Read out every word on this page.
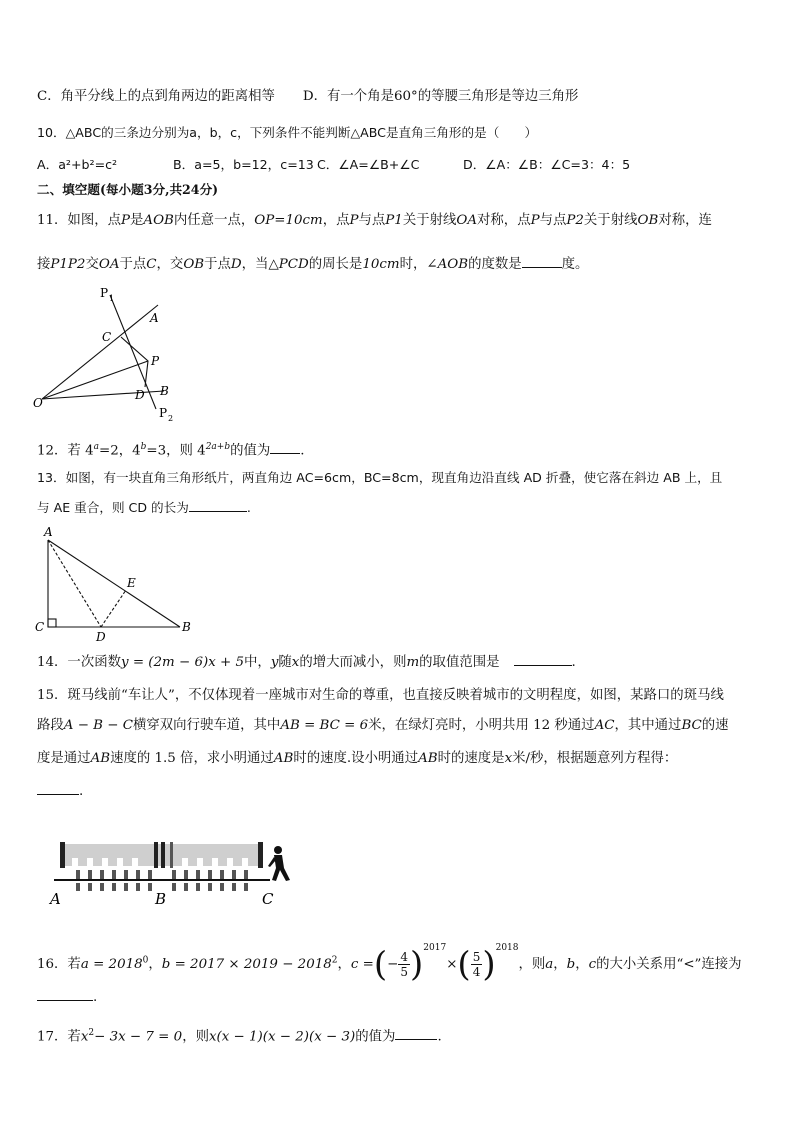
C．角平分线上的点到角两边的距离相等 D．有一个角是60°的等腰三角形是等边三角形
10．△ABC的三条边分别为a，b，c，下列条件不能判断△ABC是直角三角形的是（　　）
A．a²+b²=c²	B．a=5，b=12，c=13 C．∠A=∠B+∠C	D．∠A：∠B：∠C=3：4：5
二、填空题(每小题3分,共24分)
11．如图，点P是AOB内任意一点，OP=10cm，点P与点P1关于射线OA对称，点P与点P2关于射线OB对称，连
接P1P2交OA于点C，交OB于点D，当△PCD的周长是10cm时，∠AOB的度数是	度。
P 1
A
C
P
B
D
O
P 2
12．若 $4^a=2$，$4^b=3$，则 $4^{2a+b}$的值为 .
13．如图，有一块直角三角形纸片，两直角边 AC=6cm，BC=8cm，现直角边沿直线 AD 折叠，使它落在斜边 AB 上，且
与 AE 重合，则 CD 的长为	.
A
C
D
B
E
14．一次函数y = (2m − 6)x + 5中，y随x的增大而减小，则m的取值范围是	.
15．斑马线前“车让人”，不仅体现着一座城市对生命的尊重，也直接反映着城市的文明程度，如图，某路口的斑马线
路段A − B − C横穿双向行驶车道，其中AB = BC = 6米，在绿灯亮时，小明共用 12 秒通过AC，其中通过BC的速
度是通过AB速度的 1.5 倍，求小明通过AB时的速度.设小明通过AB时的速度是x米/秒，根据题意列方程得：
.
A	B	C
16．若$a = 2018^0$，$b = 2017 \times 2019 - 2018^2$，c =(− $\frac{4}{5} )^{2017}\times( \frac{5}{4} )^{2018}$，则a，b，c的大小关系用“<”连接为
.
17．若$x^2- 3x - 7 = 0$，则x(x − 1)(x − 2)(x − 3)的值为	.
